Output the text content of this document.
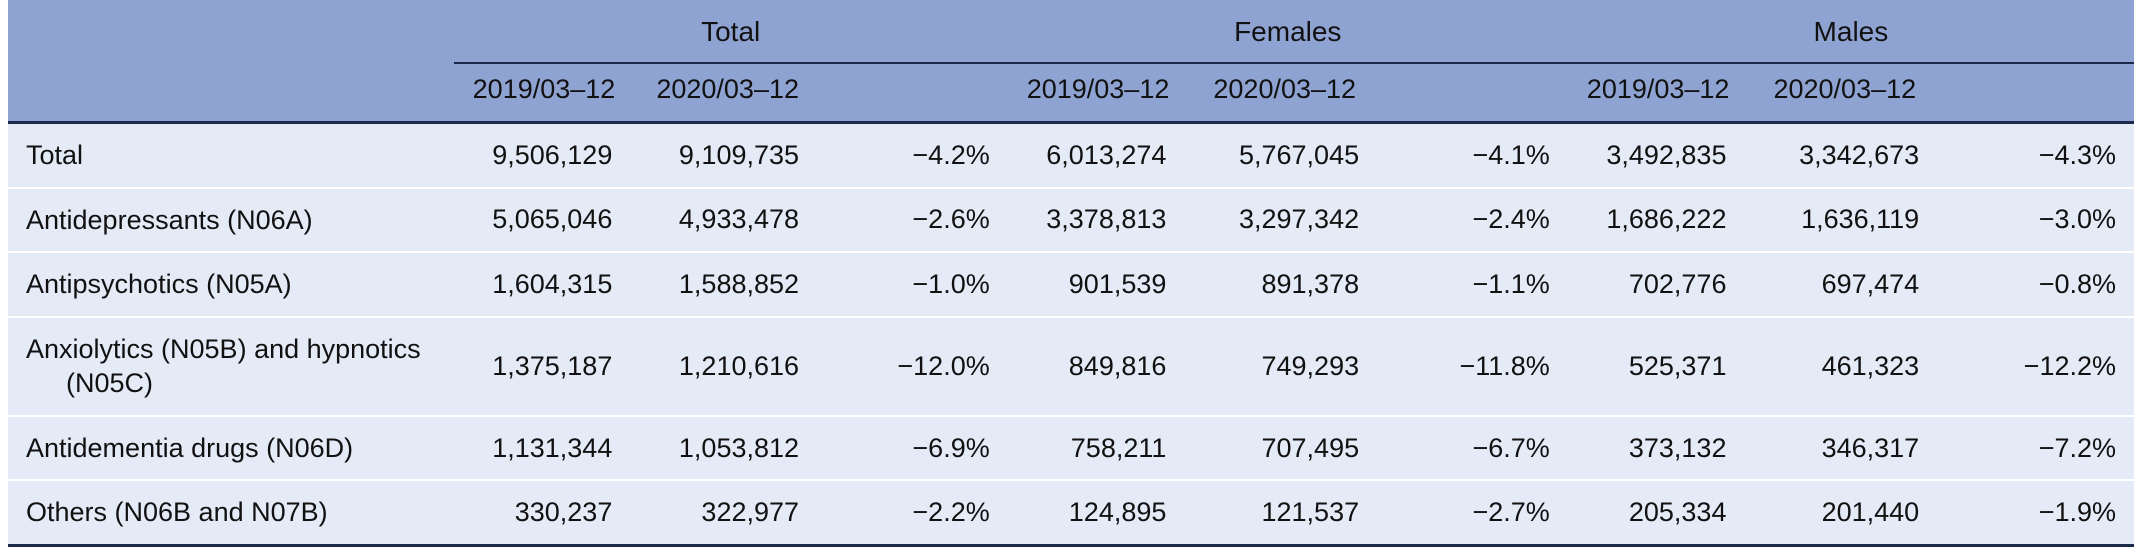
	Total			Females			Males		

	2019/03–12	2020/03–12		2019/03–12	2020/03–12		2019/03–12	2020/03–12	

Total	9,506,129	9,109,735	−4.2%	6,013,274	5,767,045	−4.1%	3,492,835	3,342,673	−4.3%
Antidepressants (N06A)	5,065,046	4,933,478	−2.6%	3,378,813	3,297,342	−2.4%	1,686,222	1,636,119	−3.0%
Antipsychotics (N05A)	1,604,315	1,588,852	−1.0%	901,539	891,378	−1.1%	702,776	697,474	−0.8%
Anxiolytics (N05B) and hypnotics
(N05C)	1,375,187	1,210,616	−12.0%	849,816	749,293	−11.8%	525,371	461,323	−12.2%
Antidementia drugs (N06D)	1,131,344	1,053,812	−6.9%	758,211	707,495	−6.7%	373,132	346,317	−7.2%
Others (N06B and N07B)	330,237	322,977	−2.2%	124,895	121,537	−2.7%	205,334	201,440	−1.9%
